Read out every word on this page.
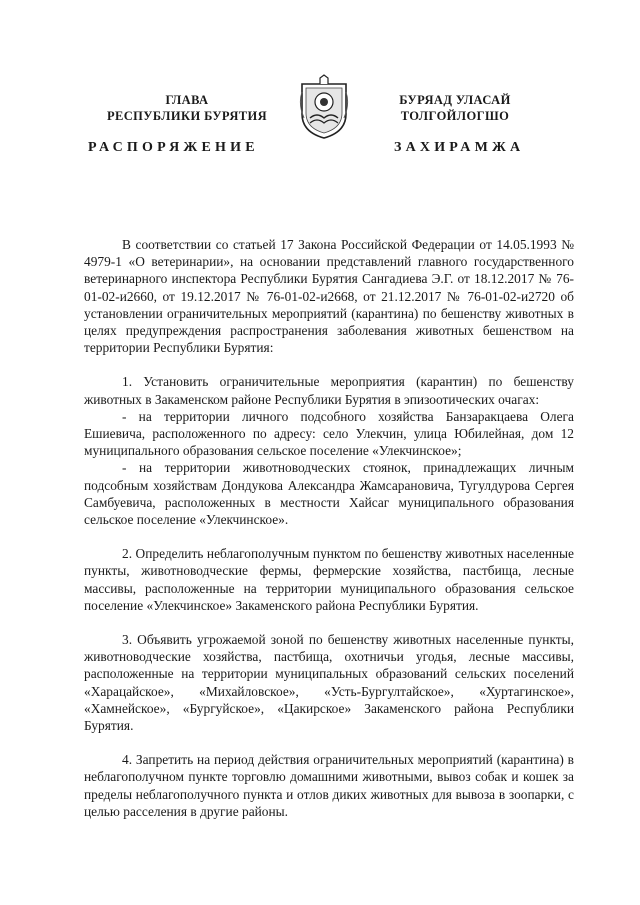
ГЛАВА
РЕСПУБЛИКИ БУРЯТИЯ
БУРЯАД УЛАСАЙ
ТОЛГОЙЛОГШО
РАСПОРЯЖЕНИЕ	ЗАХИРАМЖА

В соответствии со статьей 17 Закона Российской Федерации от 14.05.1993 № 4979-1 «О ветеринарии», на основании представлений главного государственного ветеринарного инспектора Республики Бурятия Сангадиева Э.Г. от 18.12.2017 № 76-01-02-и2660, от 19.12.2017 № 76-01-02-и2668, от 21.12.2017 № 76-01-02-и2720 об установлении ограничительных мероприятий (карантина) по бешенству животных в целях предупреждения распространения заболевания животных бешенством на территории Республики Бурятия:

1. Установить ограничительные мероприятия (карантин) по бешенству животных в Закаменском районе Республики Бурятия в эпизоотических очагах:

- на территории личного подсобного хозяйства Банзаракцаева Олега Ешиевича, расположенного по адресу: село Улекчин, улица Юбилейная, дом 12 муниципального образования сельское поселение «Улекчинское»;

- на территории животноводческих стоянок, принадлежащих личным подсобным хозяйствам Дондукова Александра Жамсарановича, Тугулдурова Сергея Самбуевича, расположенных в местности Хайсаг муниципального образования сельское поселение «Улекчинское».

2. Определить неблагополучным пунктом по бешенству животных населенные пункты, животноводческие фермы, фермерские хозяйства, пастбища, лесные массивы, расположенные на территории муниципального образования сельское поселение «Улекчинское» Закаменского района Республики Бурятия.

3. Объявить угрожаемой зоной по бешенству животных населенные пункты, животноводческие хозяйства, пастбища, охотничьи угодья, лесные массивы, расположенные на территории муниципальных образований сельских поселений «Харацайское», «Михайловское», «Усть-Бургултайское», «Хуртагинское», «Хамнейское», «Бургуйское», «Цакирское» Закаменского района Республики Бурятия.

4. Запретить на период действия ограничительных мероприятий (карантина) в неблагополучном пункте торговлю домашними животными, вывоз собак и кошек за пределы неблагополучного пункта и отлов диких животных для вывоза в зоопарки, с целью расселения в другие районы.
